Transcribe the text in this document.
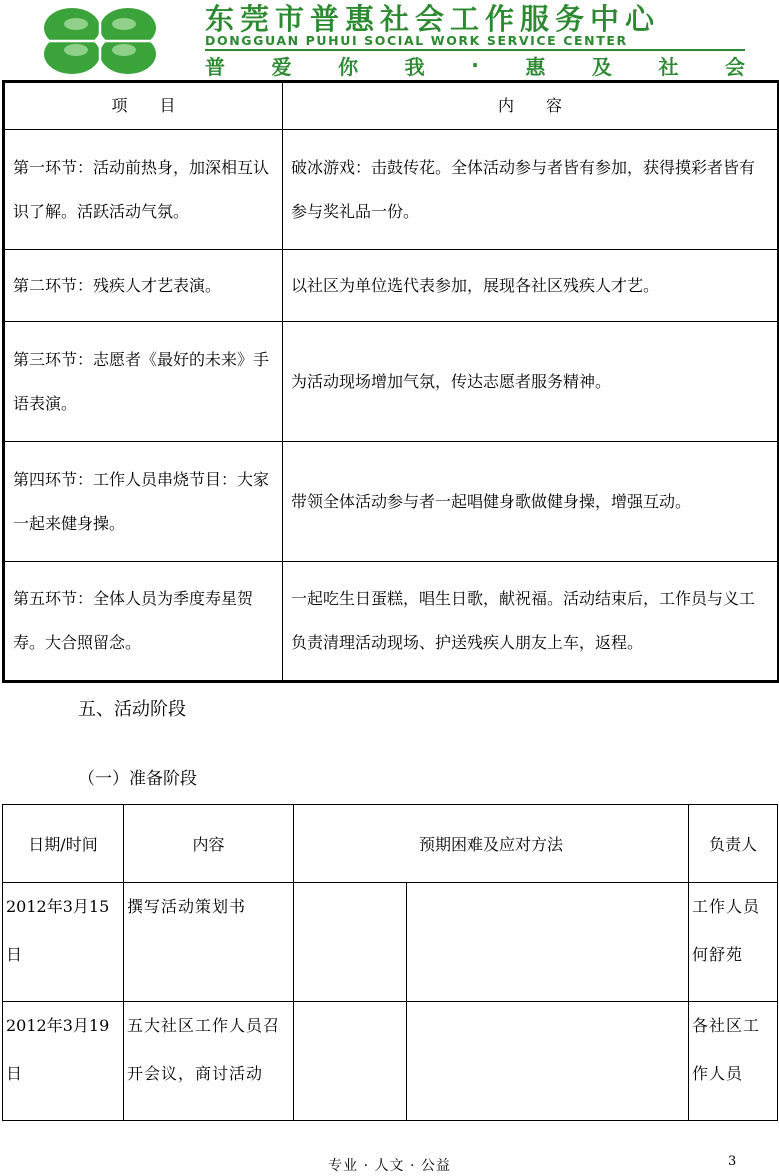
东莞市普惠社会工作服务中心
DONGGUAN PUHUI SOCIAL WORK SERVICE CENTER
普 爱 你 我 · 惠 及 社 会
项　　目	内　　容
第一环节：活动前热身，加深相互认识了解。活跃活动气氛。	破冰游戏：击鼓传花。全体活动参与者皆有参加，获得摸彩者皆有参与奖礼品一份。
第二环节：残疾人才艺表演。	以社区为单位选代表参加，展现各社区残疾人才艺。
第三环节：志愿者《最好的未来》手语表演。	为活动现场增加气氛，传达志愿者服务精神。
第四环节：工作人员串烧节目：大家一起来健身操。	带领全体活动参与者一起唱健身歌做健身操，增强互动。
第五环节：全体人员为季度寿星贺寿。大合照留念。	一起吃生日蛋糕，唱生日歌，献祝福。活动结束后，工作员与义工负责清理活动现场、护送残疾人朋友上车，返程。
五、活动阶段
（一）准备阶段
日期/时间	内容	预期困难及应对方法		负责人
2012年3月15日	撰写活动策划书			工作人员何舒苑
2012年3月19日	五大社区工作人员召开会议，商讨活动			各社区工作人员
专业 · 人文 · 公益	3
